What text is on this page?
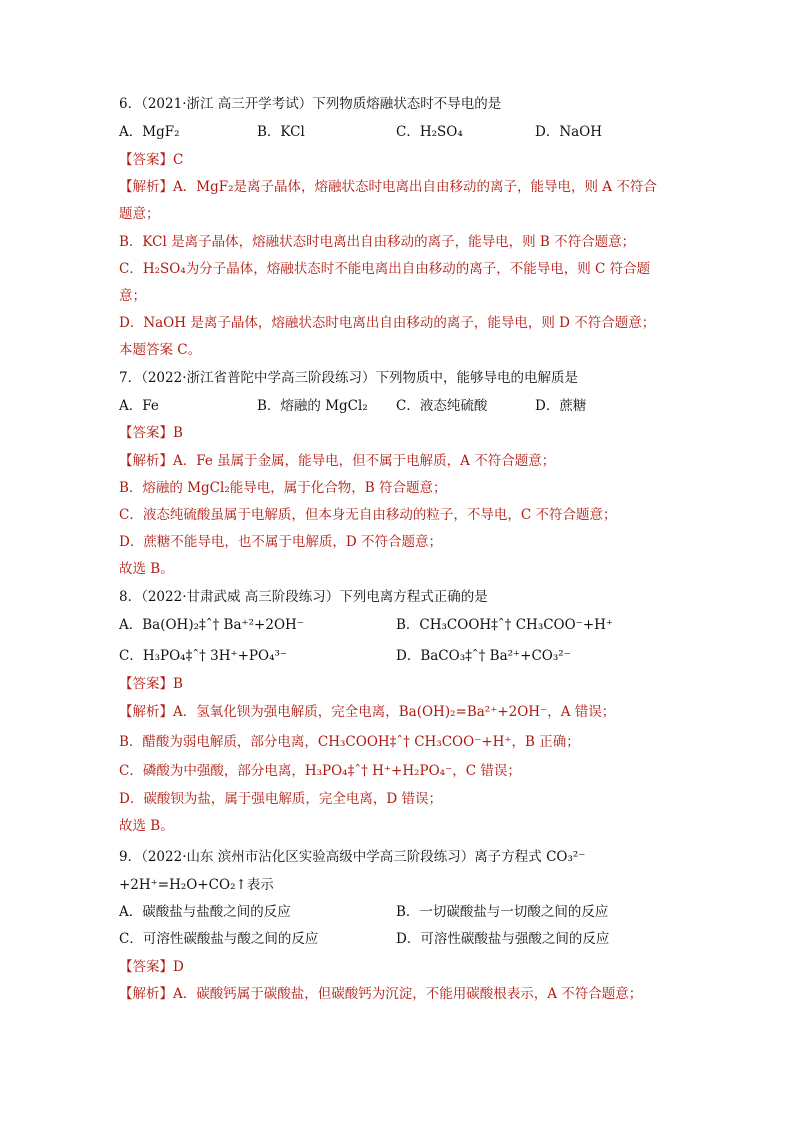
6．（2021·浙江 高三开学考试）下列物质熔融状态时不导电的是
A．MgF₂	B．KCl	C．H₂SO₄	D．NaOH
【答案】C
【解析】A．MgF₂是离子晶体，熔融状态时电离出自由移动的离子，能导电，则 A 不符合
题意；
B．KCl 是离子晶体，熔融状态时电离出自由移动的离子，能导电，则 B 不符合题意；
C．H₂SO₄为分子晶体，熔融状态时不能电离出自由移动的离子，不能导电，则 C 符合题
意；
D．NaOH 是离子晶体，熔融状态时电离出自由移动的离子，能导电，则 D 不符合题意；
本题答案 C。
7．（2022·浙江省普陀中学高三阶段练习）下列物质中，能够导电的电解质是
A．Fe	B．熔融的 MgCl₂ C．液态纯硫酸	D．蔗糖
【答案】B
【解析】A．Fe 虽属于金属，能导电，但不属于电解质，A 不符合题意；
B．熔融的 MgCl₂能导电，属于化合物，B 符合题意；
C．液态纯硫酸虽属于电解质，但本身无自由移动的粒子，不导电，C 不符合题意；
D．蔗糖不能导电，也不属于电解质，D 不符合题意；
故选 B。
8．（2022·甘肃武威 高三阶段练习）下列电离方程式正确的是
A．Ba(OH)₂‡ˆ† Ba⁺²+2OH⁻	B．CH₃COOH‡ˆ† CH₃COO⁻+H⁺
C．H₃PO₄‡ˆ† 3H⁺+PO₄³⁻	D．BaCO₃‡ˆ† Ba²⁺+CO₃²⁻
【答案】B
【解析】A．氢氧化钡为强电解质，完全电离，Ba(OH)₂=Ba²⁺+2OH⁻，A 错误；
B．醋酸为弱电解质，部分电离，CH₃COOH‡ˆ† CH₃COO⁻+H⁺，B 正确；
C．磷酸为中强酸，部分电离，H₃PO₄‡ˆ† H⁺+H₂PO₄⁻，C 错误；
D．碳酸钡为盐，属于强电解质，完全电离，D 错误；
故选 B。
9．（2022·山东 滨州市沾化区实验高级中学高三阶段练习）离子方程式 CO₃²⁻
+2H⁺=H₂O+CO₂↑表示
A．碳酸盐与盐酸之间的反应	B．一切碳酸盐与一切酸之间的反应
C．可溶性碳酸盐与酸之间的反应	D．可溶性碳酸盐与强酸之间的反应
【答案】D
【解析】A．碳酸钙属于碳酸盐，但碳酸钙为沉淀，不能用碳酸根表示，A 不符合题意；
